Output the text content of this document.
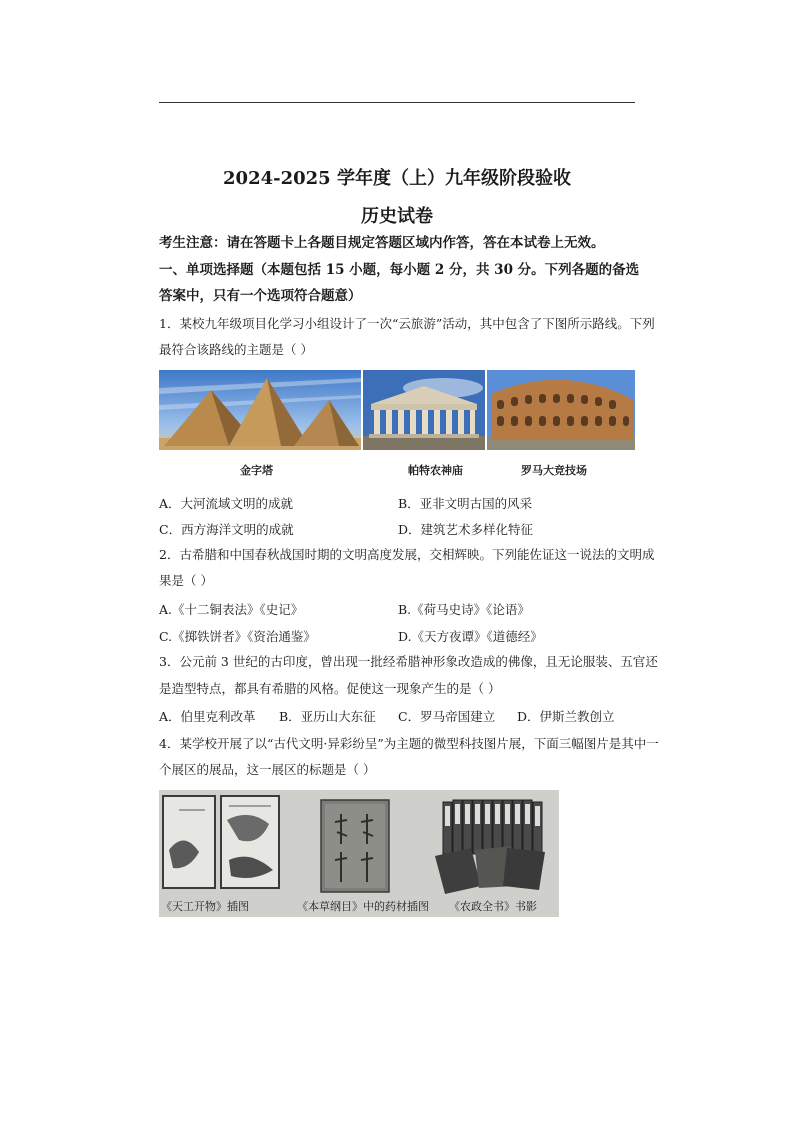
2024-2025 学年度（上）九年级阶段验收
历史试卷
考生注意：请在答题卡上各题目规定答题区域内作答，答在本试卷上无效。
一、单项选择题（本题包括 15 小题，每小题 2 分，共 30 分。下列各题的备选
答案中，只有一个选项符合题意）
1．某校九年级项目化学习小组设计了一次“云旅游”活动，其中包含了下图所示路线。下列
最符合该路线的主题是（ ）
金字塔	帕特农神庙	罗马大竞技场
A．大河流域文明的成就	B．亚非文明古国的风采
C．西方海洋文明的成就	D．建筑艺术多样化特征
2．古希腊和中国春秋战国时期的文明高度发展，交相辉映。下列能佐证这一说法的文明成
果是（ ）
A.《十二铜表法》《史记》	B.《荷马史诗》《论语》
C.《掷铁饼者》《资治通鉴》	D.《天方夜谭》《道德经》
3．公元前 3 世纪的古印度，曾出现一批经希腊神形象改造成的佛像，且无论服装、五官还
是造型特点，都具有希腊的风格。促使这一现象产生的是（ ）
A．伯里克利改革 B．亚历山大东征 C．罗马帝国建立 D．伊斯兰教创立
4．某学校开展了以“古代文明·异彩纷呈”为主题的微型科技图片展，下面三幅图片是其中一
个展区的展品，这一展区的标题是（ ）
《天工开物》插图	《本草纲目》中的药材插图 《农政全书》书影
